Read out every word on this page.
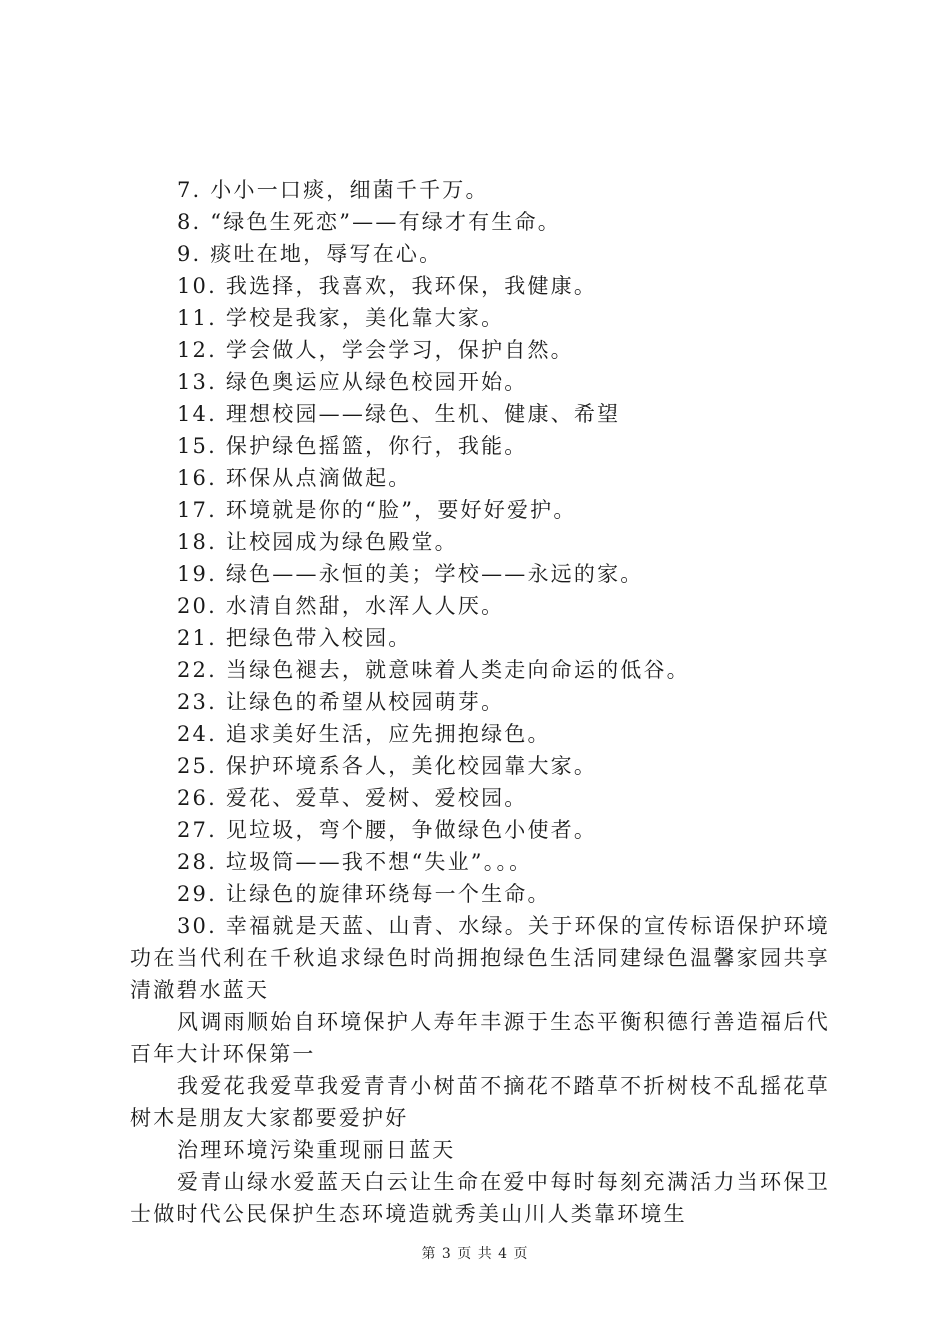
7. 小小一口痰，细菌千千万。
8. “绿色生死恋”——有绿才有生命。
9. 痰吐在地，辱写在心。
10. 我选择，我喜欢，我环保，我健康。
11. 学校是我家，美化靠大家。
12. 学会做人，学会学习，保护自然。
13. 绿色奥运应从绿色校园开始。
14. 理想校园——绿色、生机、健康、希望
15. 保护绿色摇篮，你行，我能。
16. 环保从点滴做起。
17. 环境就是你的“脸”，要好好爱护。
18. 让校园成为绿色殿堂。
19. 绿色——永恒的美；学校——永远的家。
20. 水清自然甜，水浑人人厌。
21. 把绿色带入校园。
22. 当绿色褪去，就意味着人类走向命运的低谷。
23. 让绿色的希望从校园萌芽。
24. 追求美好生活，应先拥抱绿色。
25. 保护环境系各人，美化校园靠大家。
26. 爱花、爱草、爱树、爱校园。
27. 见垃圾，弯个腰，争做绿色小使者。
28. 垃圾筒——我不想“失业”。。。
29. 让绿色的旋律环绕每一个生命。
30. 幸福就是天蓝、山青、水绿。关于环保的宣传标语保护环境功在当代利在千秋追求绿色时尚拥抱绿色生活同建绿色温馨家园共享清澈碧水蓝天
风调雨顺始自环境保护人寿年丰源于生态平衡积德行善造福后代百年大计环保第一
我爱花我爱草我爱青青小树苗不摘花不踏草不折树枝不乱摇花草树木是朋友大家都要爱护好
治理环境污染重现丽日蓝天
爱青山绿水爱蓝天白云让生命在爱中每时每刻充满活力当环保卫士做时代公民保护生态环境造就秀美山川人类靠环境生
第 3 页 共 4 页
